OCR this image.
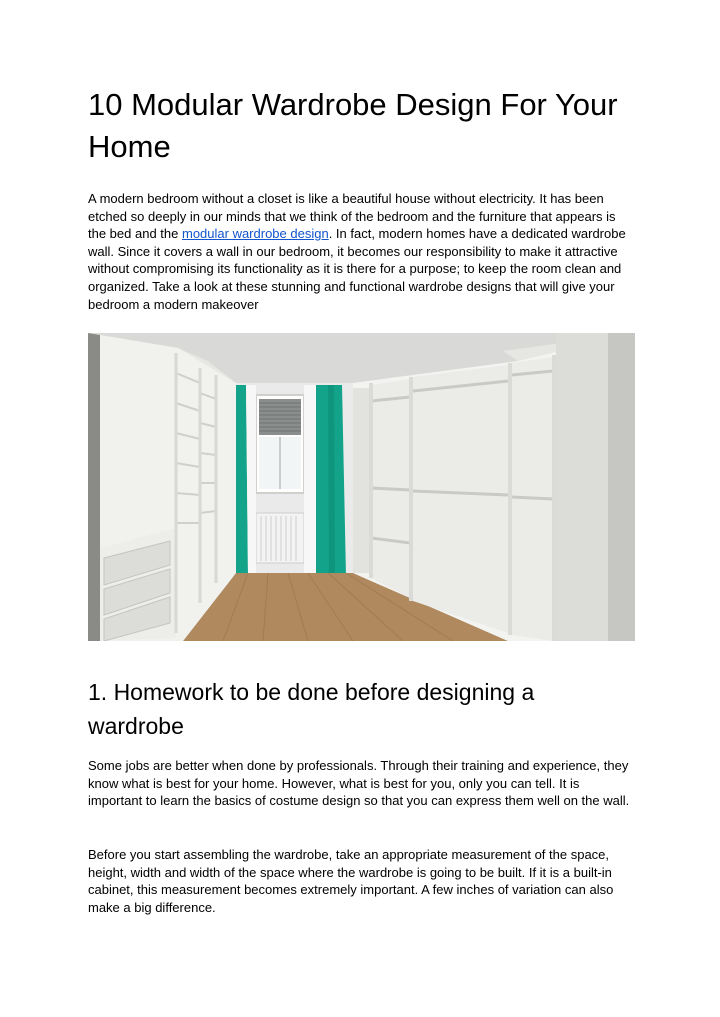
10 Modular Wardrobe Design For Your Home

A modern bedroom without a closet is like a beautiful house without electricity. It has been etched so deeply in our minds that we think of the bedroom and the furniture that appears is the bed and the modular wardrobe design. In fact, modern homes have a dedicated wardrobe wall. Since it covers a wall in our bedroom, it becomes our responsibility to make it attractive without compromising its functionality as it is there for a purpose; to keep the room clean and organized. Take a look at these stunning and functional wardrobe designs that will give your bedroom a modern makeover

1. Homework to be done before designing a wardrobe

Some jobs are better when done by professionals. Through their training and experience, they know what is best for your home. However, what is best for you, only you can tell. It is important to learn the basics of costume design so that you can express them well on the wall.

Before you start assembling the wardrobe, take an appropriate measurement of the space, height, width and width of the space where the wardrobe is going to be built. If it is a built-in cabinet, this measurement becomes extremely important. A few inches of variation can also make a big difference.
